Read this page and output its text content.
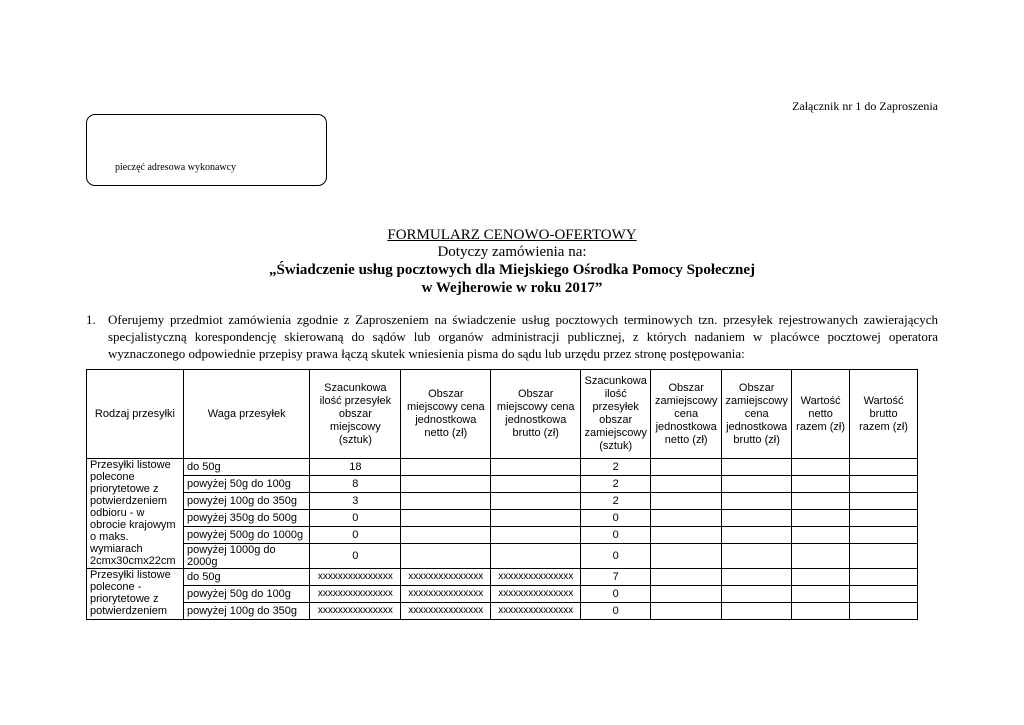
Załącznik nr 1 do Zaproszenia
pieczęć adresowa wykonawcy
FORMULARZ CENOWO-OFERTOWY
Dotyczy zamówienia na:
„Świadczenie usług pocztowych dla Miejskiego Ośrodka Pomocy Społecznej
w Wejherowie w roku 2017”
1. Oferujemy przedmiot zamówienia zgodnie z Zaproszeniem na świadczenie usług pocztowych terminowych tzn. przesyłek rejestrowanych zawierających specjalistyczną korespondencję skierowaną do sądów lub organów administracji publicznej, z których nadaniem w placówce pocztowej operatora wyznaczonego odpowiednie przepisy prawa łączą skutek wniesienia pisma do sądu lub urzędu przez stronę postępowania:
Rodzaj przesyłki	Waga przesyłek	Szacunkowa ilość przesyłek obszar miejscowy (sztuk)	Obszar miejscowy cena jednostkowa netto (zł)	Obszar miejscowy cena jednostkowa brutto (zł)	Szacunkowa ilość przesyłek obszar zamiejscowy (sztuk)	Obszar zamiejscowy cena jednostkowa netto (zł)	Obszar zamiejscowy cena jednostkowa brutto (zł)	Wartość netto razem (zł)	Wartość brutto razem (zł)
Przesyłki listowe polecone priorytetowe z potwierdzeniem odbioru - w obrocie krajowym o maks. wymiarach 2cmx30cmx22cm	do 50g	18			2				
	powyżej 50g do 100g	8			2				
	powyżej 100g do 350g	3			2				
	powyżej 350g do 500g	0			0				
	powyżej 500g do 1000g	0			0				
	powyżej 1000g do 2000g	0			0				
Przesyłki listowe polecone - priorytetowe z potwierdzeniem	do 50g	xxxxxxxxxxxxxxx	xxxxxxxxxxxxxxx	xxxxxxxxxxxxxxx	7				
	powyżej 50g do 100g	xxxxxxxxxxxxxxx	xxxxxxxxxxxxxxx	xxxxxxxxxxxxxxx	0				
	powyżej 100g do 350g	xxxxxxxxxxxxxxx	xxxxxxxxxxxxxxx	xxxxxxxxxxxxxxx	0				
